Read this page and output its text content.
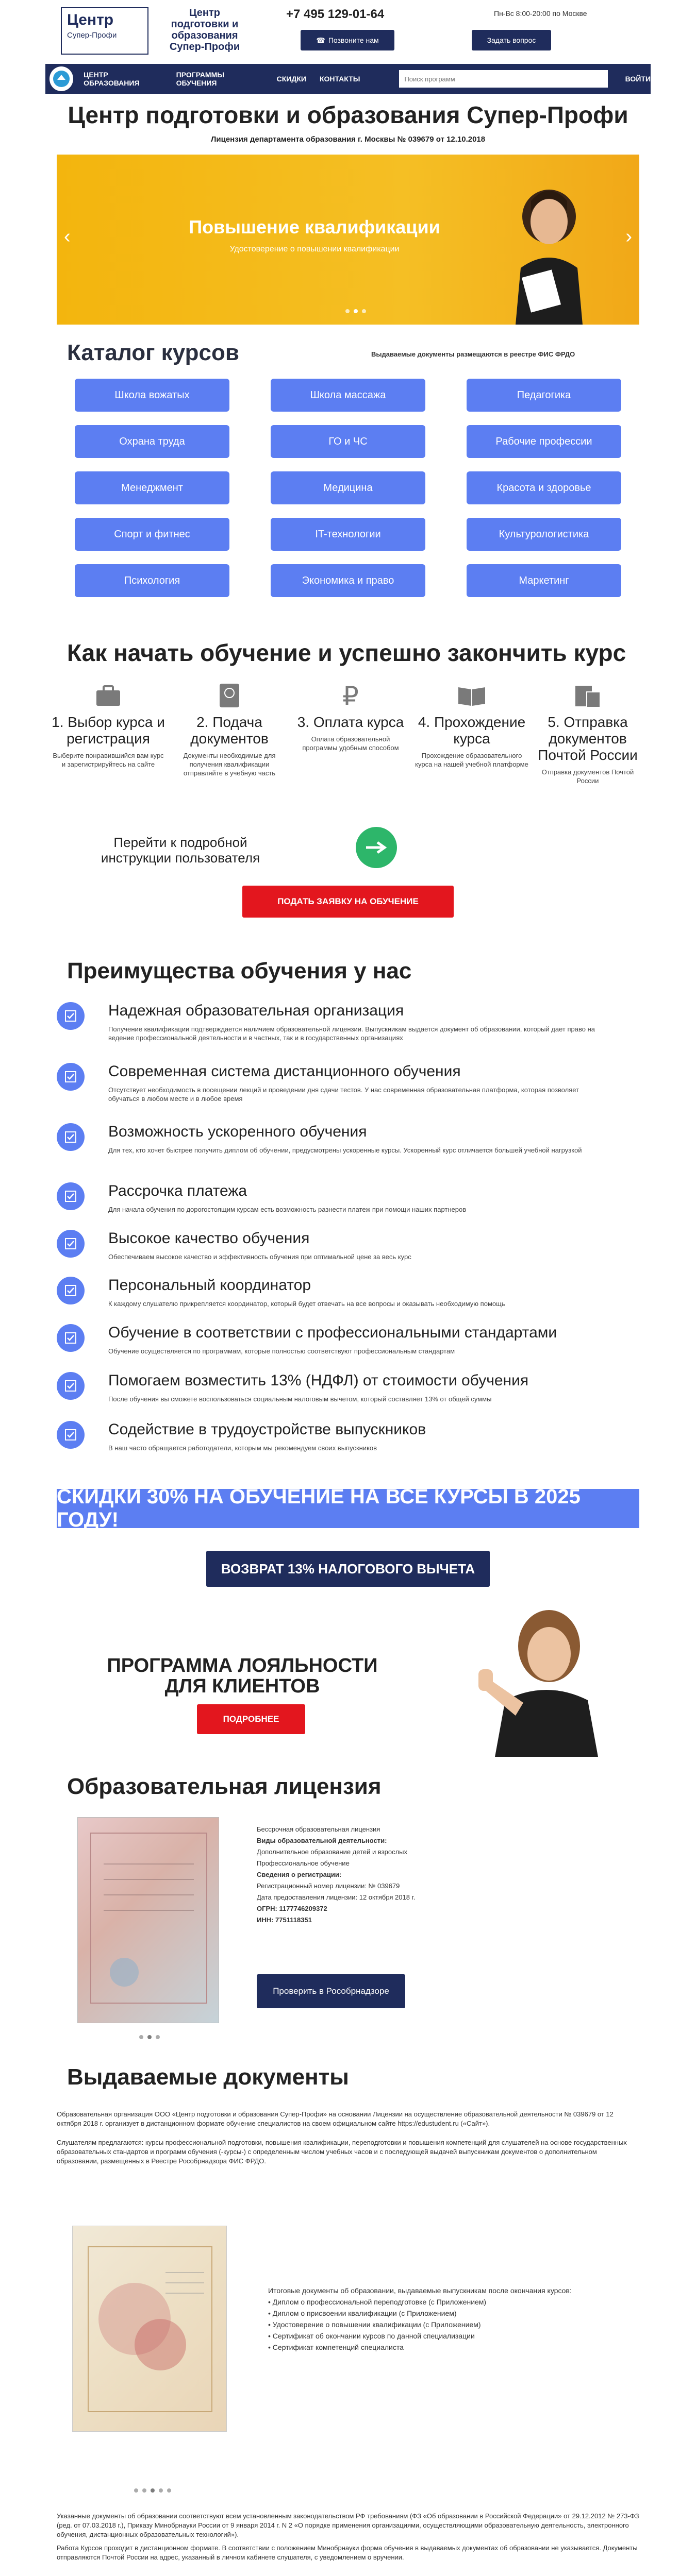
Центр
Супер-Профи
Центр подготовки и образования Супер-Профи
+7 495 129-01-64
☎ Позвоните нам
Пн-Вс 8:00-20:00 по Москве
Задать вопрос
ЦЕНТР ОБРАЗОВАНИЯ
ПРОГРАММЫ ОБУЧЕНИЯ	СКИДКИ КОНТАКТЫ
Поиск программ	ВОЙТИ
Центр подготовки и образования Супер-Профи
Лицензия департамента образования г. Москвы № 039679 от 12.10.2018
Повышение квалификации
Удостоверение о повышении квалификации
‹	›
Каталог курсов	Выдаваемые документы размещаются в реестре ФИС ФРДО
Школа вожатых	Школа массажа	Педагогика
Охрана труда	ГО и ЧС	Рабочие профессии
Менеджмент	Медицина	Красота и здоровье
Спорт и фитнес	IT-технологии	Культурологистика
Психология	Экономика и право	Маркетинг
Как начать обучение и успешно закончить курс
1. Выбор курса и регистрация
Выберите понравившийся вам курс и зарегистрируйтесь на сайте
2. Подача документов
Документы необходимые для получения квалификации отправляйте в учебную часть
₽
3. Оплата курса
Оплата образовательной программы удобным способом
4. Прохождение курса
Прохождение образовательного курса на нашей учебной платформе
5. Отправка документов Почтой России
Отправка документов Почтой России
Перейти к подробной инструкции пользователя
ПОДАТЬ ЗАЯВКУ НА ОБУЧЕНИЕ
Преимущества обучения у нас
Надежная образовательная организация
Получение квалификации подтверждается наличием образовательной лицензии. Выпускникам выдается документ об образовании, который дает право на ведение профессиональной деятельности и в частных, так и в государственных организациях
Современная система дистанционного обучения
Отсутствует необходимость в посещении лекций и проведении дня сдачи тестов. У нас современная образовательная платформа, которая позволяет обучаться в любом месте и в любое время
Возможность ускоренного обучения
Для тех, кто хочет быстрее получить диплом об обучении, предусмотрены ускоренные курсы. Ускоренный курс отличается большей учебной нагрузкой
Рассрочка платежа
Для начала обучения по дорогостоящим курсам есть возможность разнести платеж при помощи наших партнеров
Высокое качество обучения
Обеспечиваем высокое качество и эффективность обучения при оптимальной цене за весь курс
Персональный координатор
К каждому слушателю прикрепляется координатор, который будет отвечать на все вопросы и оказывать необходимую помощь
Обучение в соответствии с профессиональными стандартами
Обучение осуществляется по программам, которые полностью соответствуют профессиональным стандартам
Помогаем возместить 13% (НДФЛ) от стоимости обучения
После обучения вы сможете воспользоваться социальным налоговым вычетом, который составляет 13% от общей суммы
Содействие в трудоустройстве выпускников
В наш часто обращается работодатели, которым мы рекомендуем своих выпускников
СКИДКИ 30% НА ОБУЧЕНИЕ НА ВСЕ КУРСЫ В 2025 ГОДУ!
ВОЗВРАТ 13% НАЛОГОВОГО ВЫЧЕТА
ПРОГРАММА ЛОЯЛЬНОСТИ ДЛЯ КЛИЕНТОВ
ПОДРОБНЕЕ
Образовательная лицензия
Бессрочная образовательная лицензия
Виды образовательной деятельности:
Дополнительное образование детей и взрослых
Профессиональное обучение
Сведения о регистрации:
Регистрационный номер лицензии: № 039679
Дата предоставления лицензии: 12 октября 2018 г.
ОГРН: 1177746209372
ИНН: 7751118351
Проверить в Рособрнадзоре
Выдаваемые документы
Образовательная организация ООО «Центр подготовки и образования Супер-Профи» на основании Лицензии на осуществление образовательной деятельности № 039679 от 12 октября 2018 г. организует в дистанционном формате обучение специалистов на своем официальном сайте https://edustudent.ru («Сайт»).
Слушателям предлагаются: курсы профессиональной подготовки, повышения квалификации, переподготовки и повышения компетенций для слушателей на основе государственных образовательных стандартов и программ обучения (-курсы-) с определенным числом учебных часов и с последующей выдачей выпускникам документов о дополнительном образовании, размещенных в Реестре Рособрнадзора ФИС ФРДО.
Итоговые документы об образовании, выдаваемые выпускникам после окончания курсов:
• Диплом о профессиональной переподготовке (с Приложением)
• Диплом о присвоении квалификации (с Приложением)
• Удостоверение о повышении квалификации (с Приложением)
• Сертификат об окончании курсов по данной специализации
• Сертификат компетенций специалиста
Указанные документы об образовании соответствуют всем установленным законодательством РФ требованиям (ФЗ «Об образовании в Российской Федерации» от 29.12.2012 № 273-ФЗ (ред. от 07.03.2018 г.), Приказу Минобрнауки России от 9 января 2014 г. N 2 «О порядке применения организациями, осуществляющими образовательную деятельность, электронного обучения, дистанционных образовательных технологий»).
Работа Курсов проходит в дистанционном формате. В соответствии с положением Минобрнауки форма обучения в выдаваемых документах об образовании не указывается. Документы отправляются Почтой России на адрес, указанный в личном кабинете слушателя, с уведомлением о вручении.
